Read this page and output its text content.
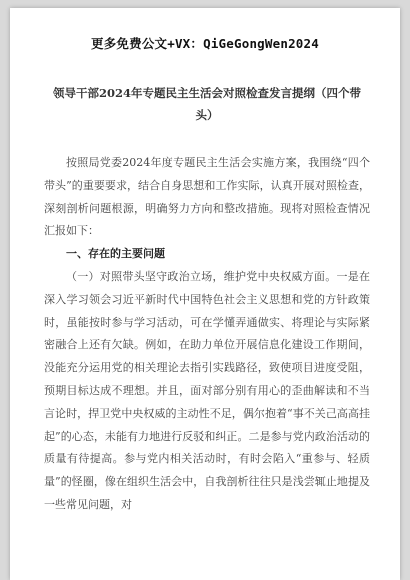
更多免费公文+VX：QiGeGongWen2024
领导干部2024年专题民主生活会对照检查发言提纲（四个带头）

按照局党委2024年度专题民主生活会实施方案，我围绕“四个带头”的重要要求，结合自身思想和工作实际，认真开展对照检查，深刻剖析问题根源，明确努力方向和整改措施。现将对照检查情况汇报如下：

一、存在的主要问题

（一）对照带头坚守政治立场，维护党中央权威方面。一是在深入学习领会习近平新时代中国特色社会主义思想和党的方针政策时，虽能按时参与学习活动，可在学懂弄通做实、将理论与实际紧密融合上还有欠缺。例如，在助力单位开展信息化建设工作期间，没能充分运用党的相关理论去指引实践路径，致使项目进度受阻，预期目标达成不理想。并且，面对部分别有用心的歪曲解读和不当言论时，捍卫党中央权威的主动性不足，偶尔抱着“事不关己高高挂起”的心态，未能有力地进行反驳和纠正。二是参与党内政治活动的质量有待提高。参与党内相关活动时，有时会陷入“重参与、轻质量”的怪圈，像在组织生活会中，自我剖析往往只是浅尝辄止地提及一些常见问题，对
